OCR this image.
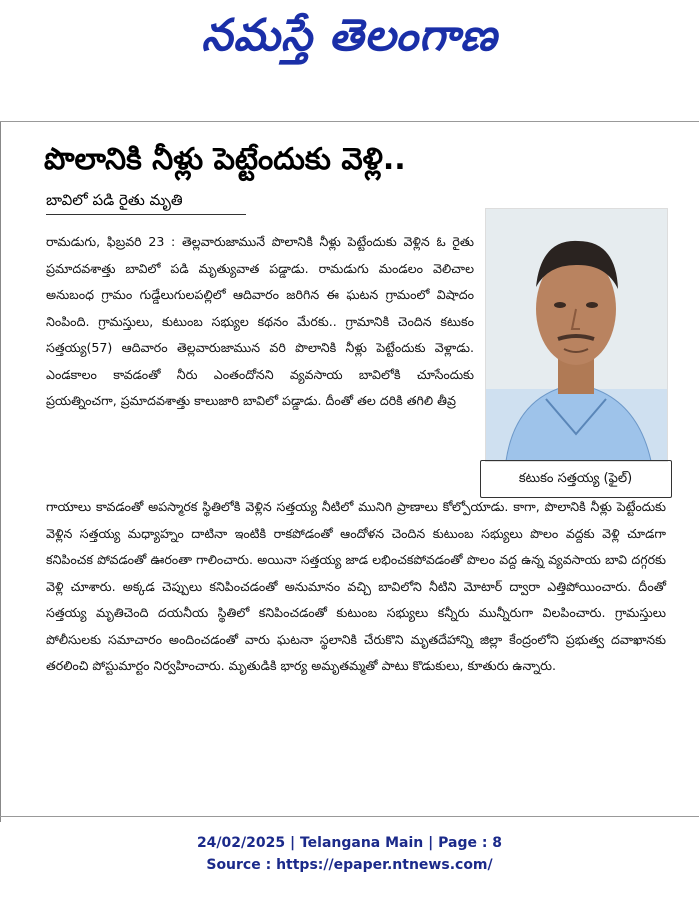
నమస్తే తెలంగాణ
పొలానికి నీళ్లు పెట్టేందుకు వెళ్లి..
బావిలో పడి రైతు మృతి

రామడుగు, ఫిబ్రవరి 23 : తెల్లవారుజామునే పొలానికి నీళ్లు పెట్టేందుకు వెళ్లిన ఓ రైతు ప్రమాదవశాత్తు బావిలో పడి మృత్యువాత పడ్డాడు. రామడుగు మండలం వెలిచాల అనుబంధ గ్రామం గుడ్డేలుగులపల్లిలో ఆదివారం జరిగిన ఈ ఘటన గ్రామంలో విషాదం నింపింది. గ్రామస్తులు, కుటుంబ సభ్యుల కథనం మేరకు.. గ్రామానికి చెందిన కటుకం సత్తయ్య(57) ఆదివారం తెల్లవారుజామున వరి పొలానికి నీళ్లు పెట్టేందుకు వెళ్లాడు. ఎండకాలం కావడంతో నీరు ఎంతందోనని వ్యవసాయ బావిలోకి చూసేందుకు ప్రయత్నించగా, ప్రమాదవశాత్తు కాలుజారి బావిలో పడ్డాడు. దీంతో తల దరికి తగిలి తీవ్ర

కటుకం సత్తయ్య (ఫైల్)

గాయాలు కావడంతో అపస్మారక స్థితిలోకి వెళ్లిన సత్తయ్య నీటిలో మునిగి ప్రాణాలు కోల్పోయాడు. కాగా, పొలానికి నీళ్లు పెట్టేందుకు వెళ్లిన సత్తయ్య మధ్యాహ్నం దాటినా ఇంటికి రాకపోడంతో ఆందోళన చెందిన కుటుంబ సభ్యులు పొలం వద్దకు వెళ్లి చూడగా కనిపించక పోవడంతో ఊరంతా గాలించారు. అయినా సత్తయ్య జాడ లభించకపోవడంతో పొలం వద్ద ఉన్న వ్యవసాయ బావి దగ్గరకు వెళ్లి చూశారు. అక్కడ చెప్పులు కనిపించడంతో అనుమానం వచ్చి బావిలోని నీటిని మోటార్ ద్వారా ఎత్తిపోయించారు. దీంతో సత్తయ్య మృతిచెంది దయనీయ స్థితిలో కనిపించడంతో కుటుంబ సభ్యులు కన్నీరు మున్నీరుగా విలపించారు. గ్రామస్తులు పోలీసులకు సమాచారం అందించడంతో వారు ఘటనా స్థలానికి చేరుకొని మృతదేహాన్ని జిల్లా కేంద్రంలోని ప్రభుత్వ దవాఖానకు తరలించి పోస్టుమార్టం నిర్వహించారు. మృతుడికి భార్య అమృతమ్మతో పాటు కొడుకులు, కూతురు ఉన్నారు.

24/02/2025 | Telangana Main | Page : 8
Source : https://epaper.ntnews.com/
